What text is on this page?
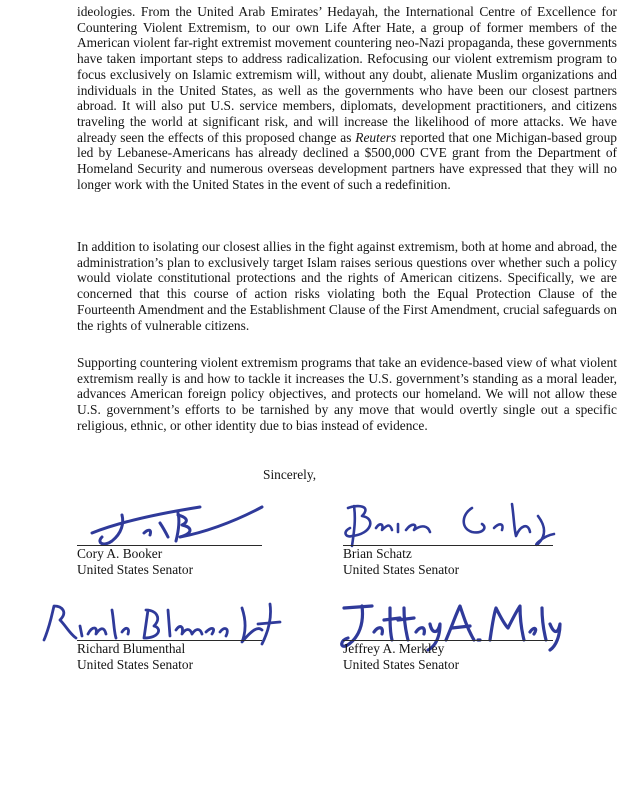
ideologies. From the United Arab Emirates’ Hedayah, the International Centre of Excellence for Countering Violent Extremism, to our own Life After Hate, a group of former members of the American violent far-right extremist movement countering neo-Nazi propaganda, these governments have taken important steps to address radicalization. Refocusing our violent extremism program to focus exclusively on Islamic extremism will, without any doubt, alienate Muslim organizations and individuals in the United States, as well as the governments who have been our closest partners abroad. It will also put U.S. service members, diplomats, development practitioners, and citizens traveling the world at significant risk, and will increase the likelihood of more attacks. We have already seen the effects of this proposed change as Reuters reported that one Michigan-based group led by Lebanese-Americans has already declined a $500,000 CVE grant from the Department of Homeland Security and numerous overseas development partners have expressed that they will no longer work with the United States in the event of such a redefinition.

In addition to isolating our closest allies in the fight against extremism, both at home and abroad, the administration’s plan to exclusively target Islam raises serious questions over whether such a policy would violate constitutional protections and the rights of American citizens. Specifically, we are concerned that this course of action risks violating both the Equal Protection Clause of the Fourteenth Amendment and the Establishment Clause of the First Amendment, crucial safeguards on the rights of vulnerable citizens.

Supporting countering violent extremism programs that take an evidence-based view of what violent extremism really is and how to tackle it increases the U.S. government’s standing as a moral leader, advances American foreign policy objectives, and protects our homeland. We will not allow these U.S. government’s efforts to be tarnished by any move that would overtly single out a specific religious, ethnic, or other identity due to bias instead of evidence.

Sincerely,
Cory A. Booker
United States Senator
Brian Schatz
United States Senator
Richard Blumenthal
United States Senator
Jeffrey A. Merkley
United States Senator
